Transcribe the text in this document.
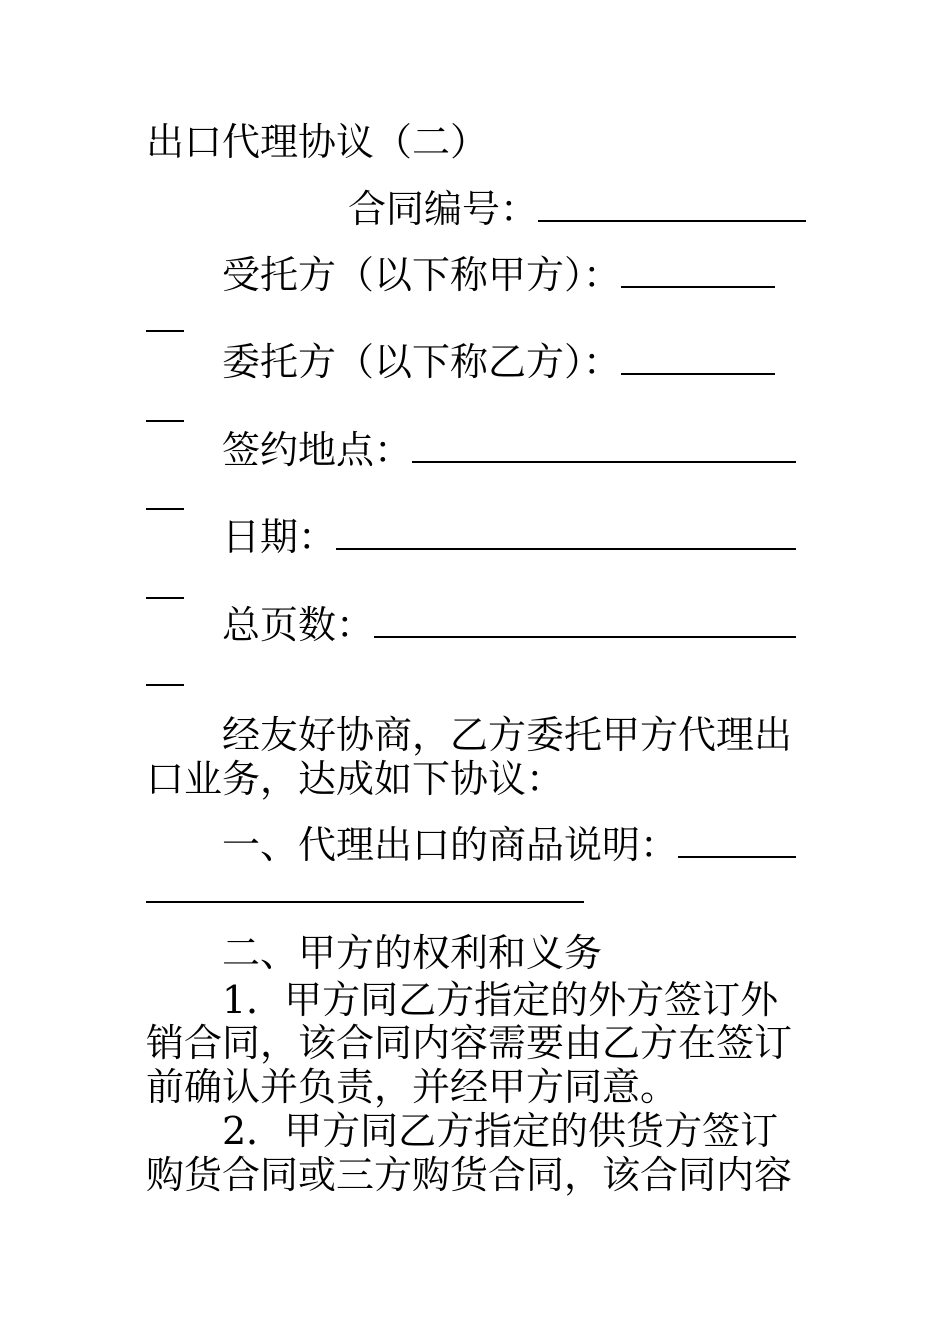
出口代理协议（二）
合同编号：
受托方（以下称甲方）：
委托方（以下称乙方）：
签约地点：
日期：
总页数：
经友好协商，乙方委托甲方代理出
口业务，达成如下协议：
一、代理出口的商品说明：
二、甲方的权利和义务
1．甲方同乙方指定的外方签订外
销合同，该合同内容需要由乙方在签订
前确认并负责，并经甲方同意。
2．甲方同乙方指定的供货方签订
购货合同或三方购货合同，该合同内容
